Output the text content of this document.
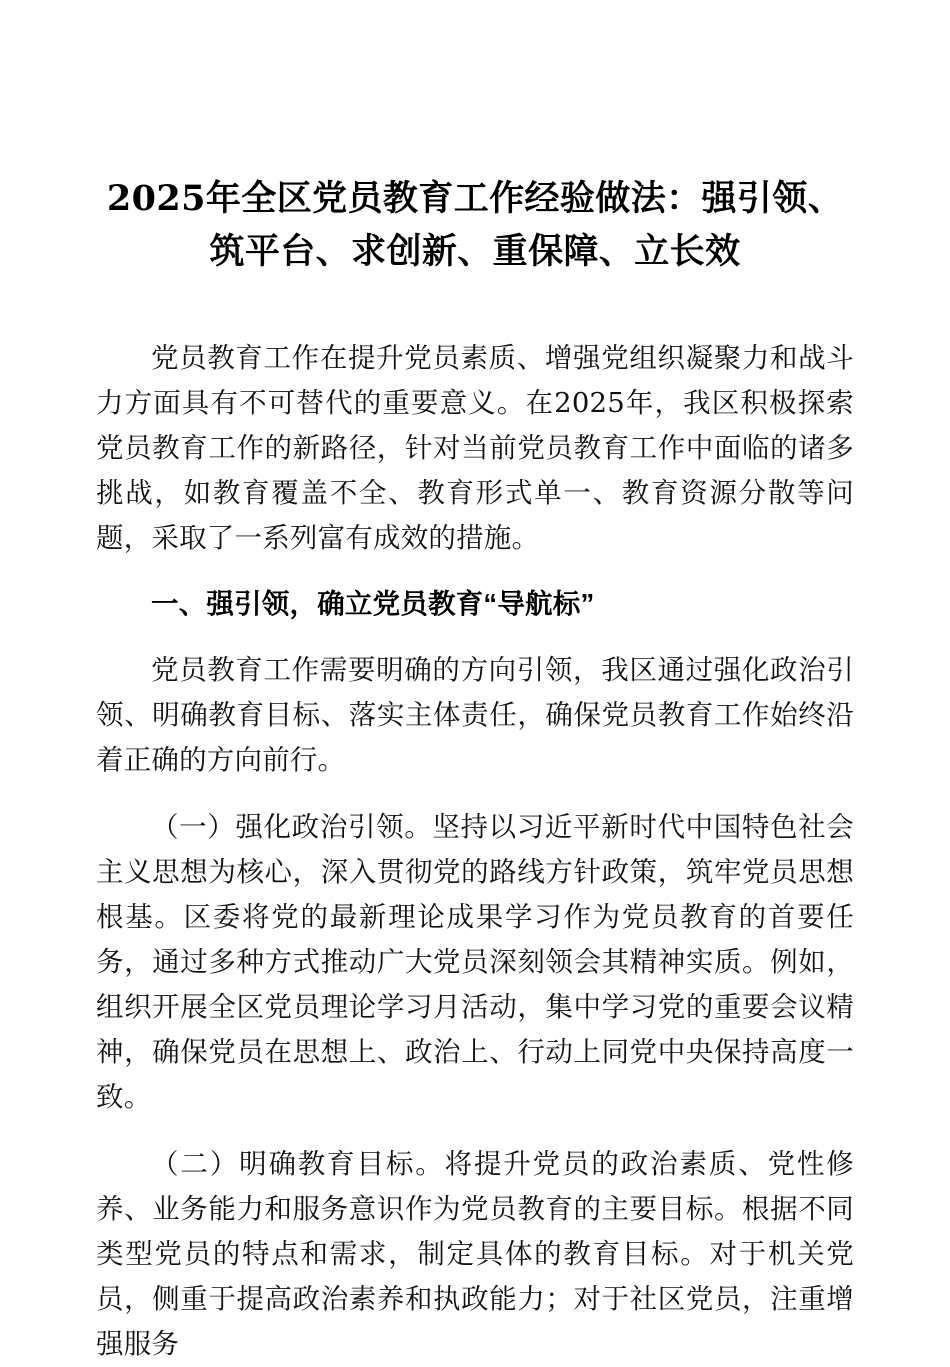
2025年全区党员教育工作经验做法：强引领、
筑平台、求创新、重保障、立长效

党员教育工作在提升党员素质、增强党组织凝聚力和战斗力方面具有不可替代的重要意义。在2025年，我区积极探索党员教育工作的新路径，针对当前党员教育工作中面临的诸多挑战，如教育覆盖不全、教育形式单一、教育资源分散等问题，采取了一系列富有成效的措施。

一、强引领，确立党员教育“导航标”

党员教育工作需要明确的方向引领，我区通过强化政治引领、明确教育目标、落实主体责任，确保党员教育工作始终沿着正确的方向前行。

（一）强化政治引领。坚持以习近平新时代中国特色社会主义思想为核心，深入贯彻党的路线方针政策，筑牢党员思想根基。区委将党的最新理论成果学习作为党员教育的首要任务，通过多种方式推动广大党员深刻领会其精神实质。例如，组织开展全区党员理论学习月活动，集中学习党的重要会议精神，确保党员在思想上、政治上、行动上同党中央保持高度一致。

（二）明确教育目标。将提升党员的政治素质、党性修养、业务能力和服务意识作为党员教育的主要目标。根据不同类型党员的特点和需求，制定具体的教育目标。对于机关党员，侧重于提高政治素养和执政能力；对于社区党员，注重增强服务
